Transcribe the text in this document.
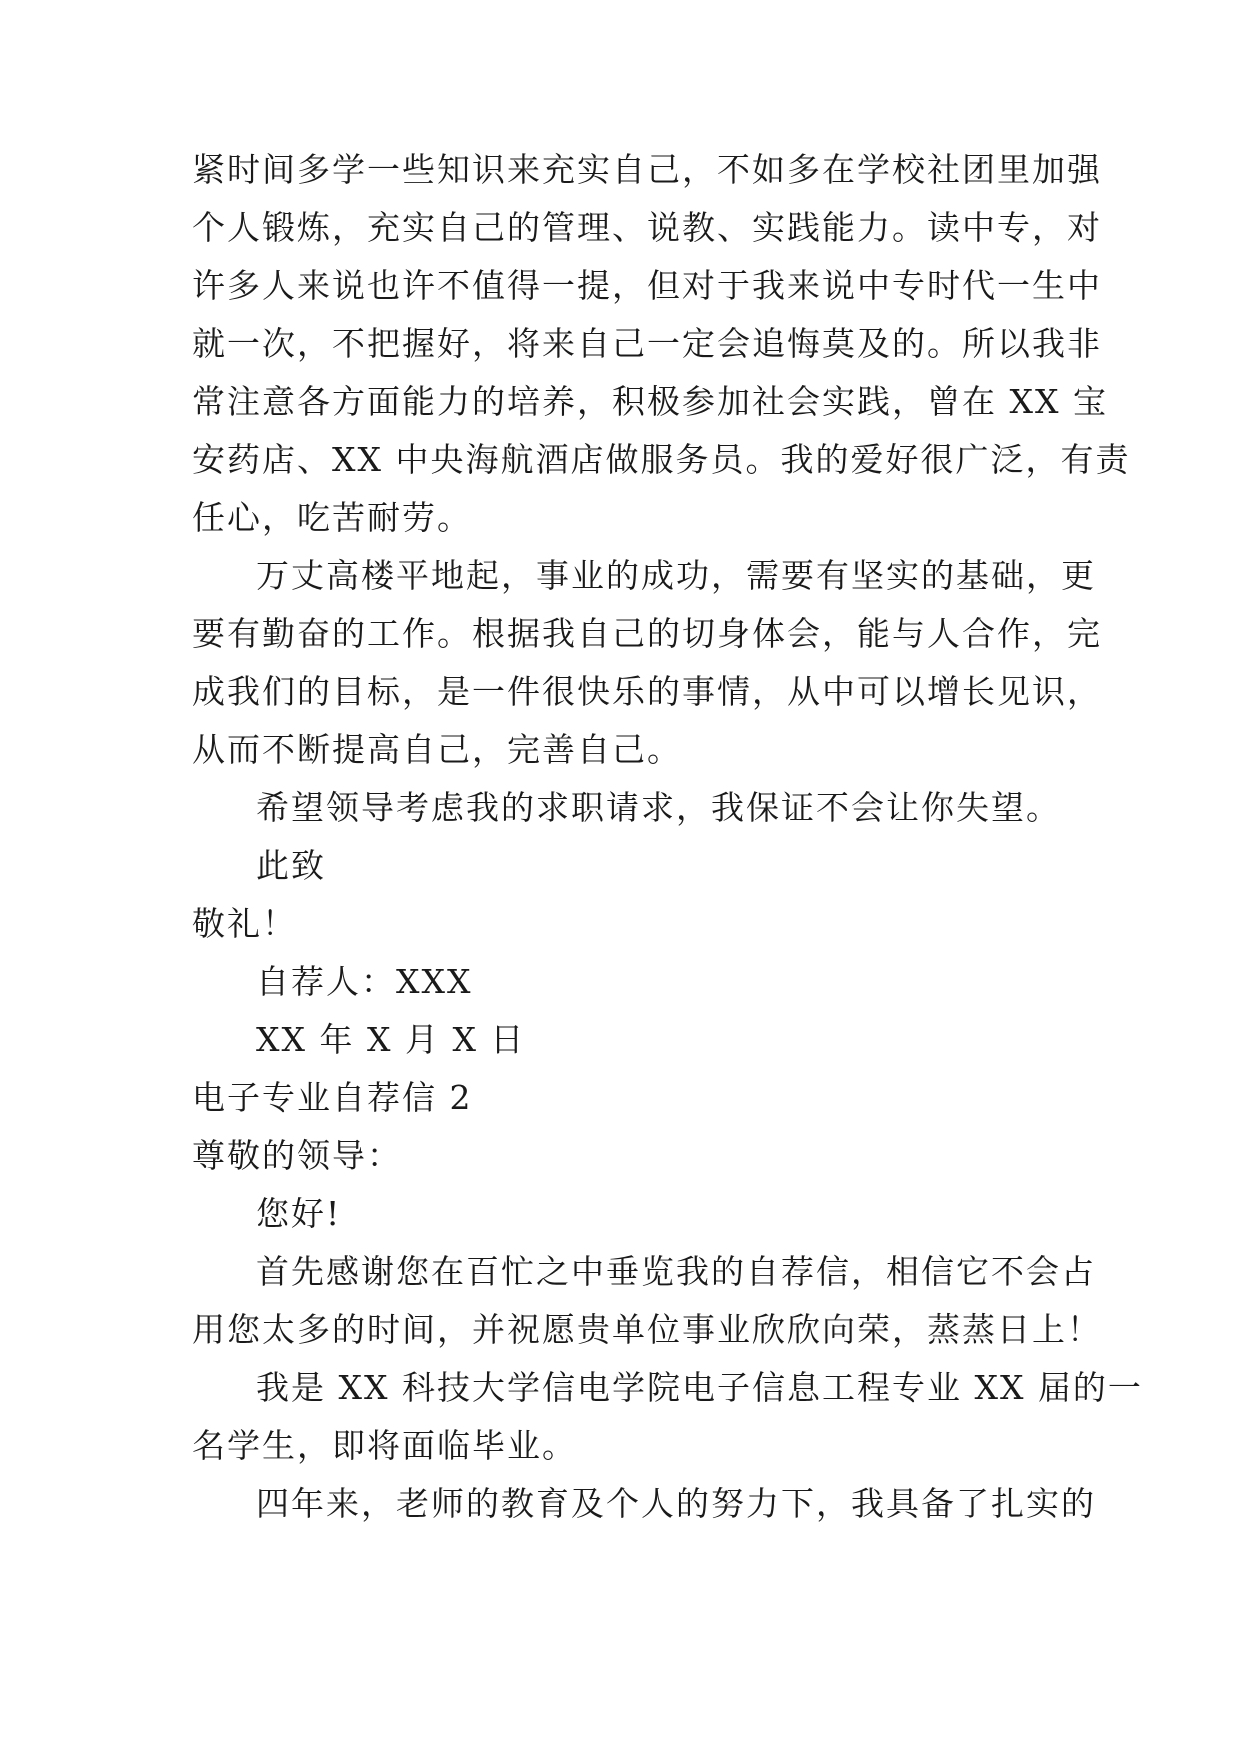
紧时间多学一些知识来充实自己，不如多在学校社团里加强
个人锻炼，充实自己的管理、说教、实践能力。读中专，对
许多人来说也许不值得一提，但对于我来说中专时代一生中
就一次，不把握好，将来自己一定会追悔莫及的。所以我非
常注意各方面能力的培养，积极参加社会实践，曾在 XX 宝
安药店、XX 中央海航酒店做服务员。我的爱好很广泛，有责
任心，吃苦耐劳。
万丈高楼平地起，事业的成功，需要有坚实的基础，更
要有勤奋的工作。根据我自己的切身体会，能与人合作，完
成我们的目标，是一件很快乐的事情，从中可以增长见识，
从而不断提高自己，完善自己。
希望领导考虑我的求职请求，我保证不会让你失望。
此致
敬礼！
自荐人：XXX
XX 年 X 月 X 日
电子专业自荐信 2
尊敬的领导：
您好!
首先感谢您在百忙之中垂览我的自荐信，相信它不会占
用您太多的时间，并祝愿贵单位事业欣欣向荣，蒸蒸日上！
我是 XX 科技大学信电学院电子信息工程专业 XX 届的一
名学生，即将面临毕业。
四年来，老师的教育及个人的努力下，我具备了扎实的
